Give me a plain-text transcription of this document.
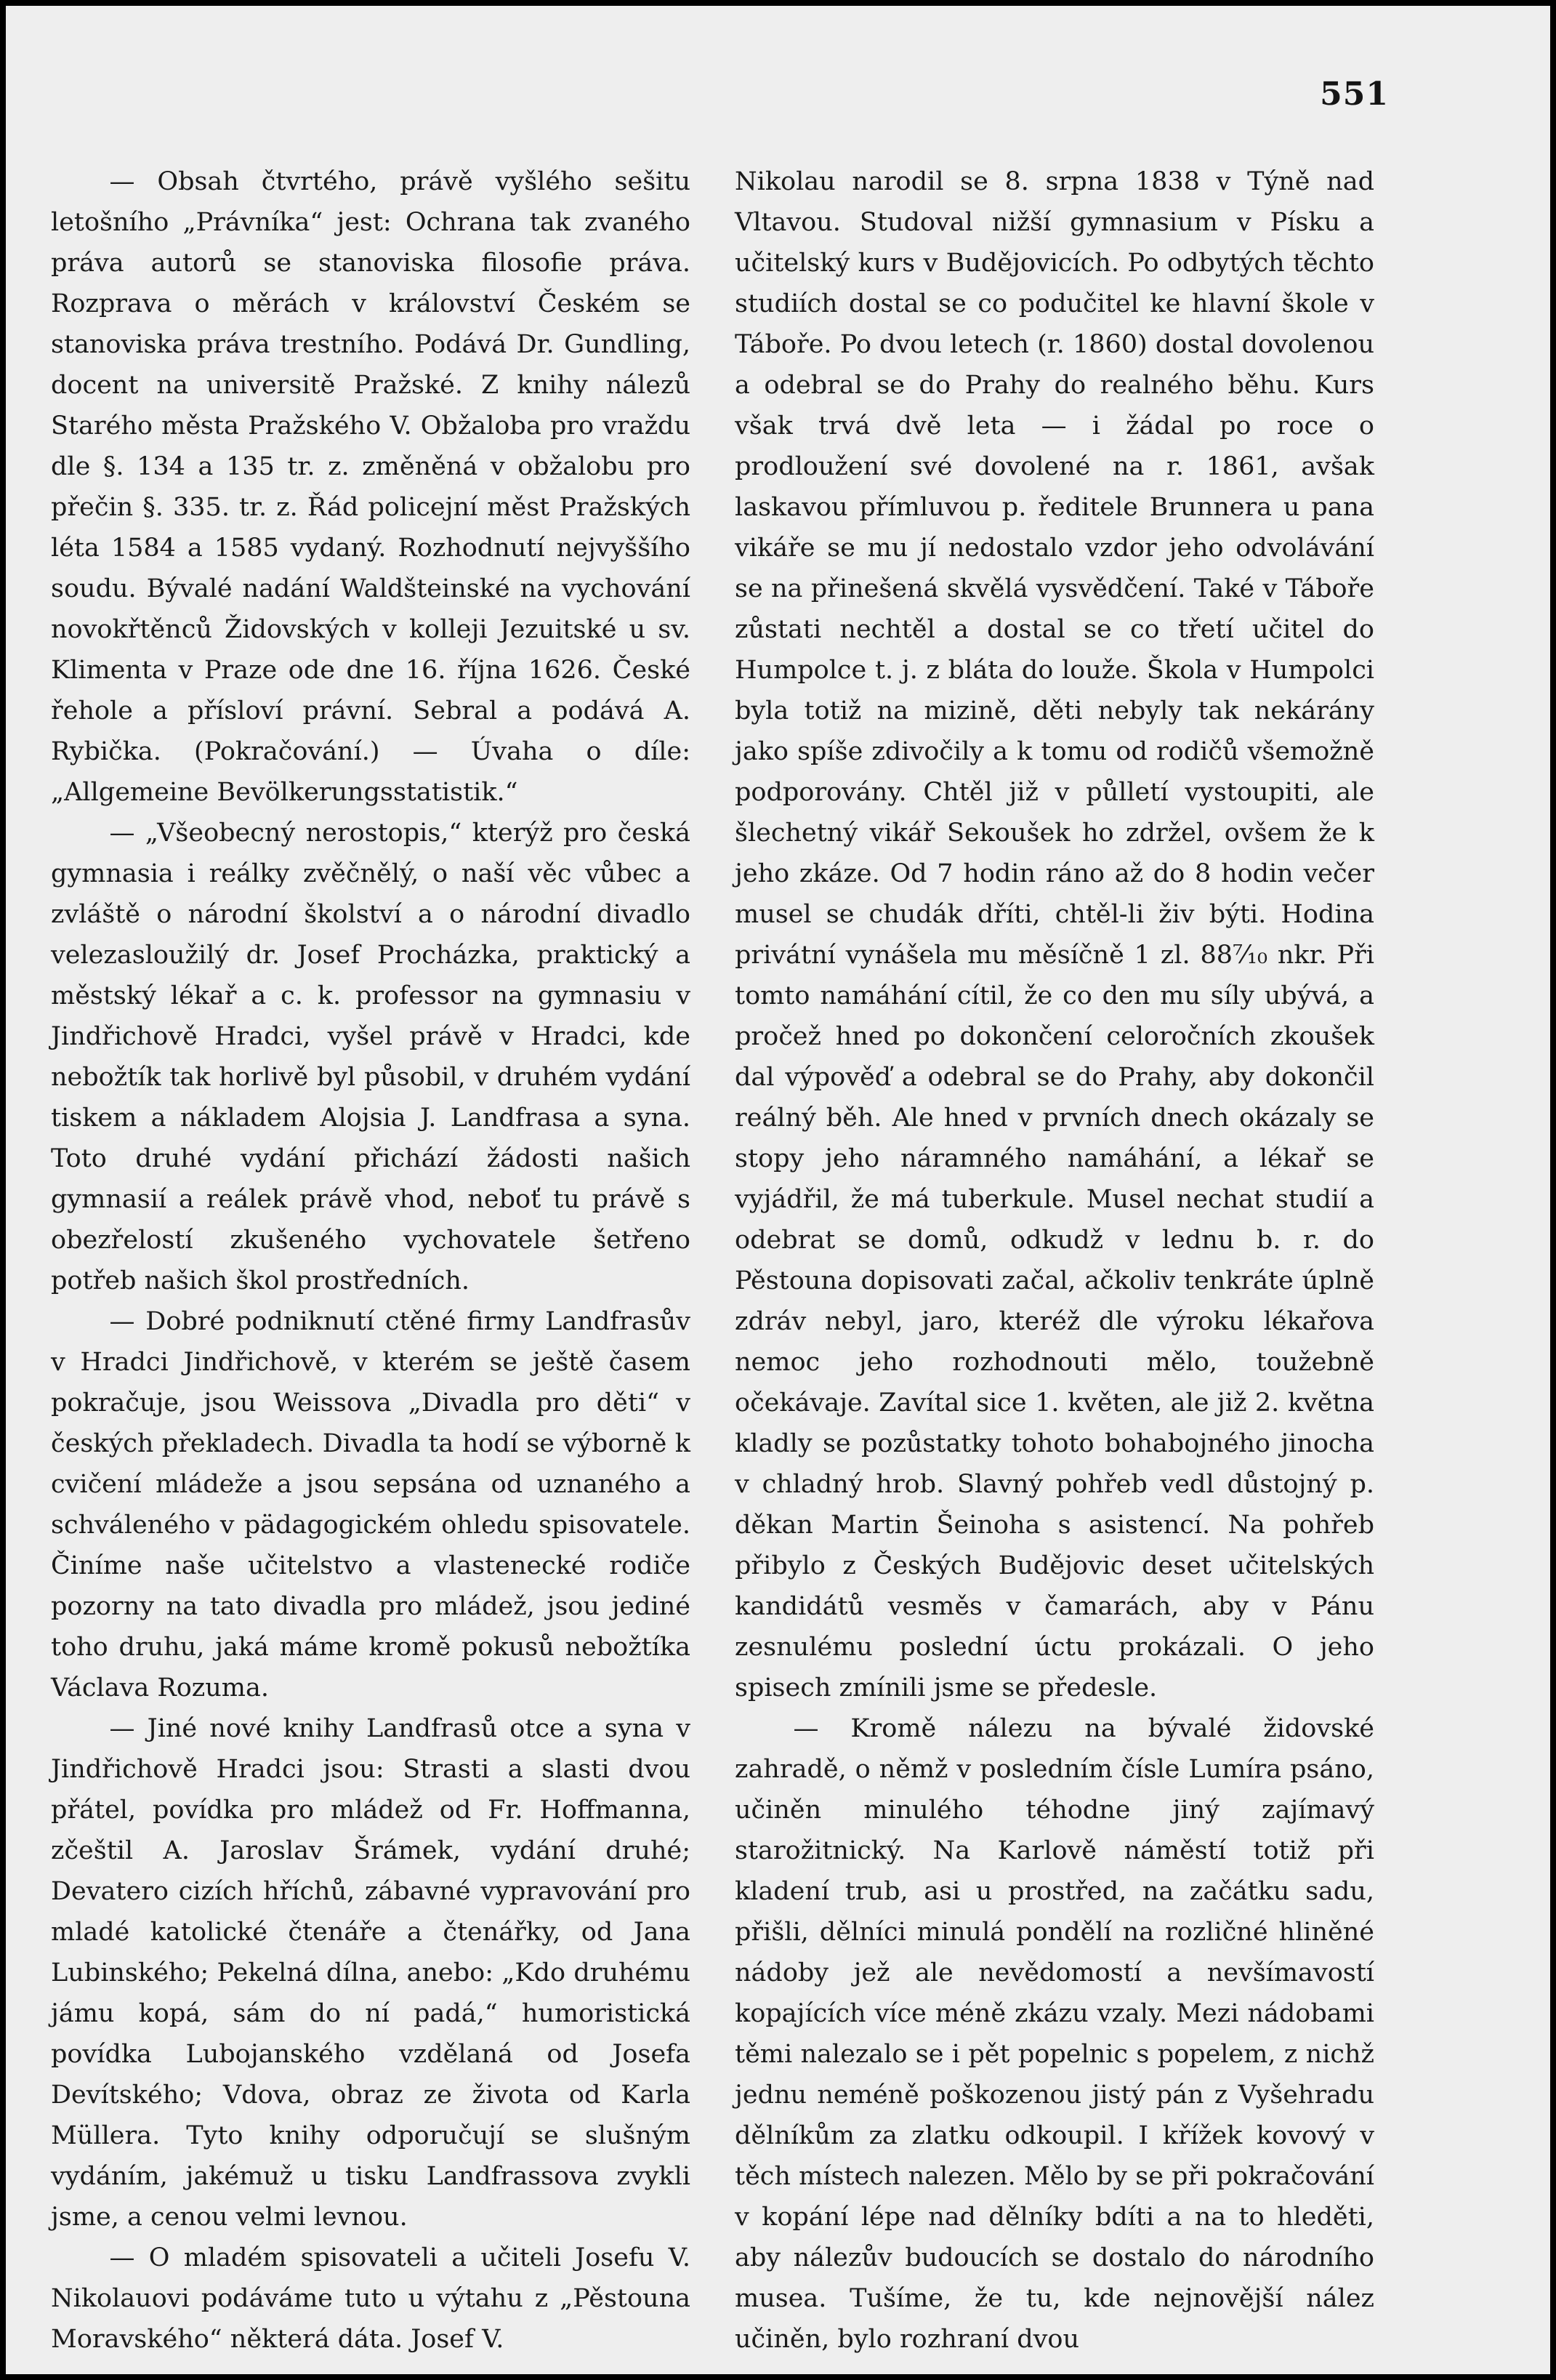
551

— Obsah čtvrtého, právě vyšlého sešitu letošního „Právníka“ jest: Ochrana tak zvaného práva autorů se stanoviska filosofie práva. Rozprava o měrách v království Českém se stanoviska práva trestního. Podává Dr. Gundling, docent na universitě Pražské. Z knihy nálezů Starého města Pražského V. Obžaloba pro vraždu dle §. 134 a 135 tr. z. změněná v obžalobu pro přečin §. 335. tr. z. Řád policejní měst Pražských léta 1584 a 1585 vydaný. Rozhodnutí nejvyššího soudu. Bývalé nadání Waldšteinské na vychování novokřtěnců Židovských v kolleji Jezuitské u sv. Klimenta v Praze ode dne 16. října 1626. České řehole a přísloví právní. Sebral a podává A. Rybička. (Pokračování.) — Úvaha o díle: „Allgemeine Bevölkerungsstatistik.“

— „Všeobecný nerostopis,“ kterýž pro česká gymnasia i reálky zvěčnělý, o naší věc vůbec a zvláště o národní školství a o národní divadlo velezasloužilý dr. Josef Procházka, praktický a městský lékař a c. k. professor na gymnasiu v Jindřichově Hradci, vyšel právě v Hradci, kde nebožtík tak horlivě byl působil, v druhém vydání tiskem a nákladem Alojsia J. Landfrasa a syna. Toto druhé vydání přichází žádosti našich gymnasií a reálek právě vhod, neboť tu právě s obezřelostí zkušeného vychovatele šetřeno potřeb našich škol prostředních.

— Dobré podniknutí ctěné firmy Landfrasův v Hradci Jindřichově, v kterém se ještě časem pokračuje, jsou Weissova „Divadla pro děti“ v českých překladech. Divadla ta hodí se výborně k cvičení mládeže a jsou sepsána od uznaného a schváleného v pädagogickém ohledu spisovatele. Činíme naše učitelstvo a vlastenecké rodiče pozorny na tato divadla pro mládež, jsou jediné toho druhu, jaká máme kromě pokusů nebožtíka Václava Rozuma.

— Jiné nové knihy Landfrasů otce a syna v Jindřichově Hradci jsou: Strasti a slasti dvou přátel, povídka pro mládež od Fr. Hoffmanna, zčeštil A. Jaroslav Šrámek, vydání druhé; Devatero cizích hříchů, zábavné vypravování pro mladé katolické čtenáře a čtenářky, od Jana Lubinského; Pekelná dílna, anebo: „Kdo druhému jámu kopá, sám do ní padá,“ humoristická povídka Lubojanského vzdělaná od Josefa Devítského; Vdova, obraz ze života od Karla Müllera. Tyto knihy odporučují se slušným vydáním, jakémuž u tisku Landfrassova zvykli jsme, a cenou velmi levnou.

— O mladém spisovateli a učiteli Josefu V. Nikolauovi podáváme tuto u výtahu z „Pěstouna Moravského“ některá dáta. Josef V.

Nikolau narodil se 8. srpna 1838 v Týně nad Vltavou. Studoval nižší gymnasium v Písku a učitelský kurs v Budějovicích. Po odbytých těchto studiích dostal se co podučitel ke hlavní škole v Táboře. Po dvou letech (r. 1860) dostal dovolenou a odebral se do Prahy do realného běhu. Kurs však trvá dvě leta — i žádal po roce o prodloužení své dovolené na r. 1861, avšak laskavou přímluvou p. ředitele Brunnera u pana vikáře se mu jí nedostalo vzdor jeho odvolávání se na přinešená skvělá vysvědčení. Také v Táboře zůstati nechtěl a dostal se co třetí učitel do Humpolce t. j. z bláta do louže. Škola v Humpolci byla totiž na mizině, děti nebyly tak nekárány jako spíše zdivočily a k tomu od rodičů všemožně podporovány. Chtěl již v půlletí vystoupiti, ale šlechetný vikář Sekoušek ho zdržel, ovšem že k jeho zkáze. Od 7 hodin ráno až do 8 hodin večer musel se chudák dříti, chtěl-li živ býti. Hodina privátní vynášela mu měsíčně 1 zl. 88⁷⁄₁₀ nkr. Při tomto namáhání cítil, že co den mu síly ubývá, a pročež hned po dokončení celoročních zkoušek dal výpověď a odebral se do Prahy, aby dokončil reálný běh. Ale hned v prvních dnech okázaly se stopy jeho náramného namáhání, a lékař se vyjádřil, že má tuberkule. Musel nechat studií a odebrat se domů, odkudž v lednu b. r. do Pěstouna dopisovati začal, ačkoliv tenkráte úplně zdráv nebyl, jaro, kteréž dle výroku lékařova nemoc jeho rozhodnouti mělo, toužebně očekávaje. Zavítal sice 1. květen, ale již 2. května kladly se pozůstatky tohoto bohabojného jinocha v chladný hrob. Slavný pohřeb vedl důstojný p. děkan Martin Šeinoha s asistencí. Na pohřeb přibylo z Českých Budějovic deset učitelských kandidátů vesměs v čamarách, aby v Pánu zesnulému poslední úctu prokázali. O jeho spisech zmínili jsme se předesle.

— Kromě nálezu na bývalé židovské zahradě, o němž v posledním čísle Lumíra psáno, učiněn minulého téhodne jiný zajímavý starožitnický. Na Karlově náměstí totiž při kladení trub, asi u prostřed, na začátku sadu, přišli, dělníci minulá pondělí na rozličné hliněné nádoby jež ale nevědomostí a nevšímavostí kopajících více méně zkázu vzaly. Mezi nádobami těmi nalezalo se i pět popelnic s popelem, z nichž jednu neméně poškozenou jistý pán z Vyšehradu dělníkům za zlatku odkoupil. I křížek kovový v těch místech nalezen. Mělo by se při pokračování v kopání lépe nad dělníky bdíti a na to hleděti, aby nálezův budoucích se dostalo do národního musea. Tušíme, že tu, kde nejnovější nález učiněn, bylo rozhraní dvou
